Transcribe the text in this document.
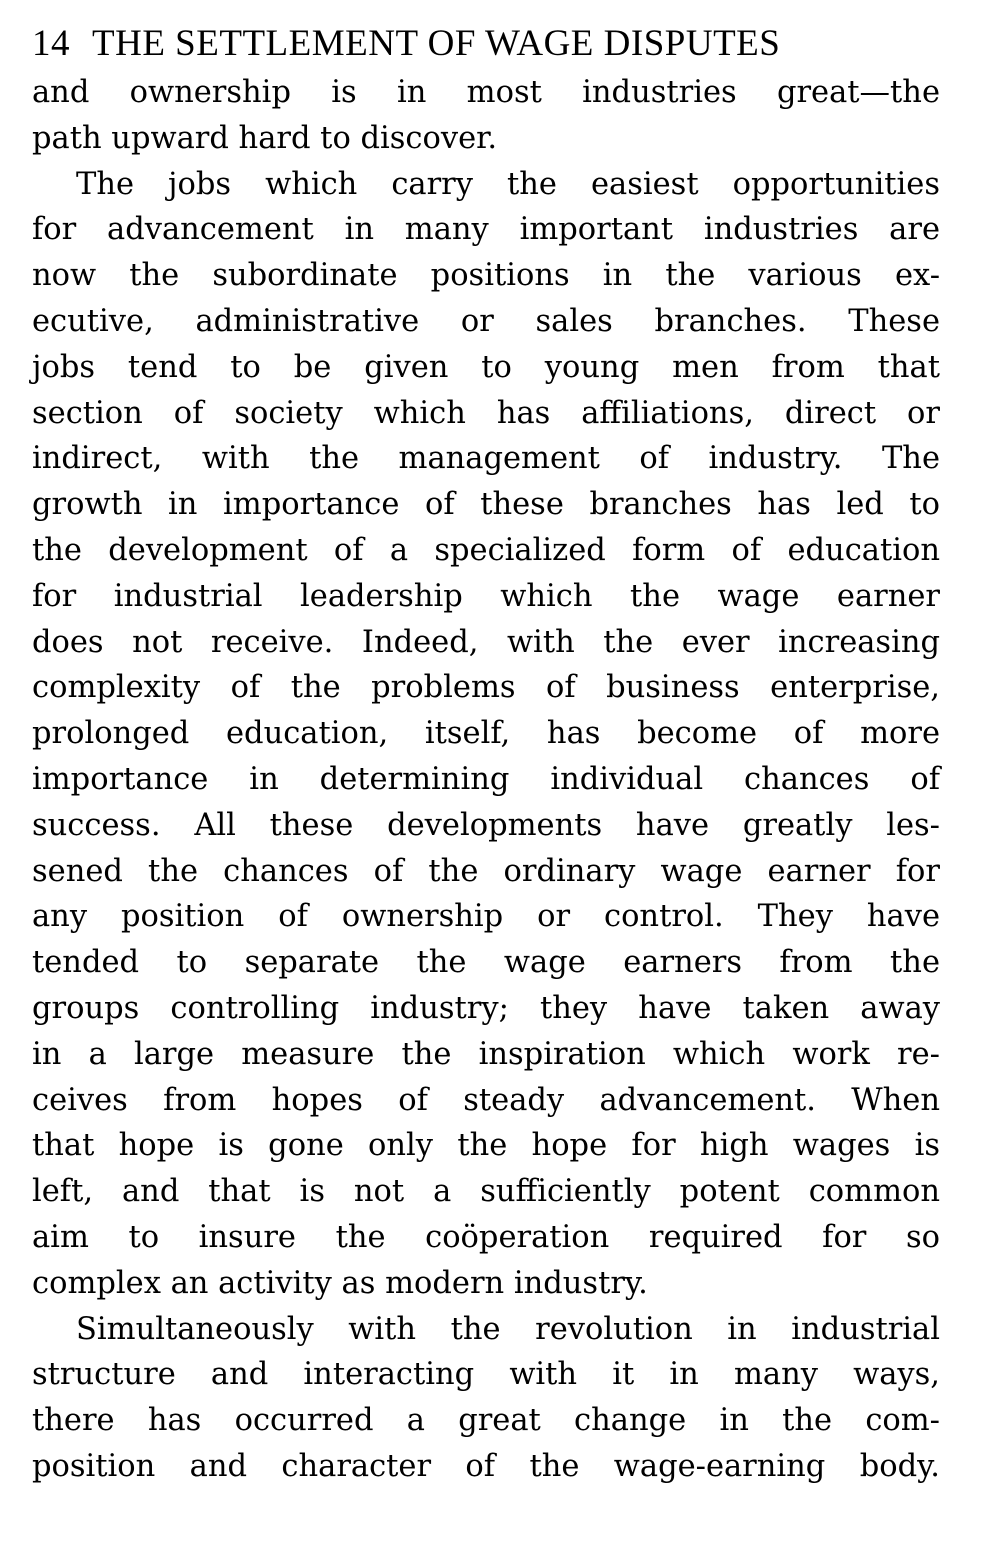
14 THE SETTLEMENT OF WAGE DISPUTES
and ownership is in most industries great—the
path upward hard to discover.
The jobs which carry the easiest opportunities
for advancement in many important industries are
now the subordinate positions in the various ex-
ecutive, administrative or sales branches. These
jobs tend to be given to young men from that
section of society which has affiliations, direct or
indirect, with the management of industry. The
growth in importance of these branches has led to
the development of a specialized form of education
for industrial leadership which the wage earner
does not receive. Indeed, with the ever increasing
complexity of the problems of business enterprise,
prolonged education, itself, has become of more
importance in determining individual chances of
success. All these developments have greatly les-
sened the chances of the ordinary wage earner for
any position of ownership or control. They have
tended to separate the wage earners from the
groups controlling industry; they have taken away
in a large measure the inspiration which work re-
ceives from hopes of steady advancement. When
that hope is gone only the hope for high wages is
left, and that is not a sufficiently potent common
aim to insure the coöperation required for so
complex an activity as modern industry.
Simultaneously with the revolution in industrial
structure and interacting with it in many ways,
there has occurred a great change in the com-
position and character of the wage-earning body.
